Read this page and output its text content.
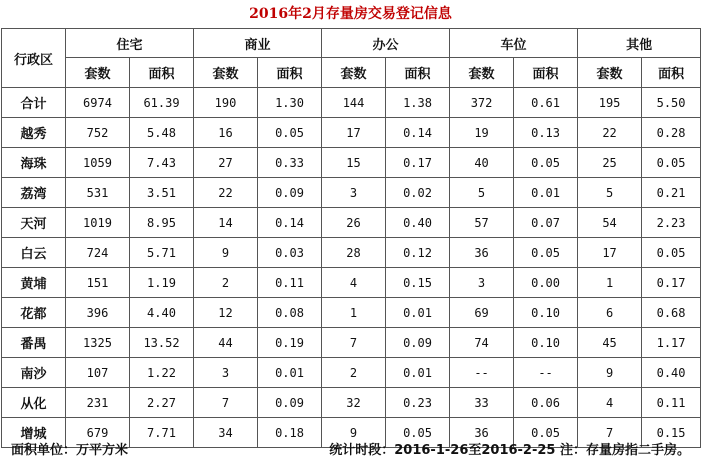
2016年2月存量房交易登记信息
行政区	住宅		商业		办公		车位		其他	
	套数	面积	套数	面积	套数	面积	套数	面积	套数	面积
合计	6974	61.39	190	1.30	144	1.38	372	0.61	195	5.50
越秀	752	5.48	16	0.05	17	0.14	19	0.13	22	0.28
海珠	1059	7.43	27	0.33	15	0.17	40	0.05	25	0.05
荔湾	531	3.51	22	0.09	3	0.02	5	0.01	5	0.21
天河	1019	8.95	14	0.14	26	0.40	57	0.07	54	2.23
白云	724	5.71	9	0.03	28	0.12	36	0.05	17	0.05
黄埔	151	1.19	2	0.11	4	0.15	3	0.00	1	0.17
花都	396	4.40	12	0.08	1	0.01	69	0.10	6	0.68
番禺	1325	13.52	44	0.19	7	0.09	74	0.10	45	1.17
南沙	107	1.22	3	0.01	2	0.01	--	--	9	0.40
从化	231	2.27	7	0.09	32	0.23	33	0.06	4	0.11
增城	679	7.71	34	0.18	9	0.05	36	0.05	7	0.15
面积单位：万平方米	统计时段：2016-1-26至2016-2-25 注：存量房指二手房。
